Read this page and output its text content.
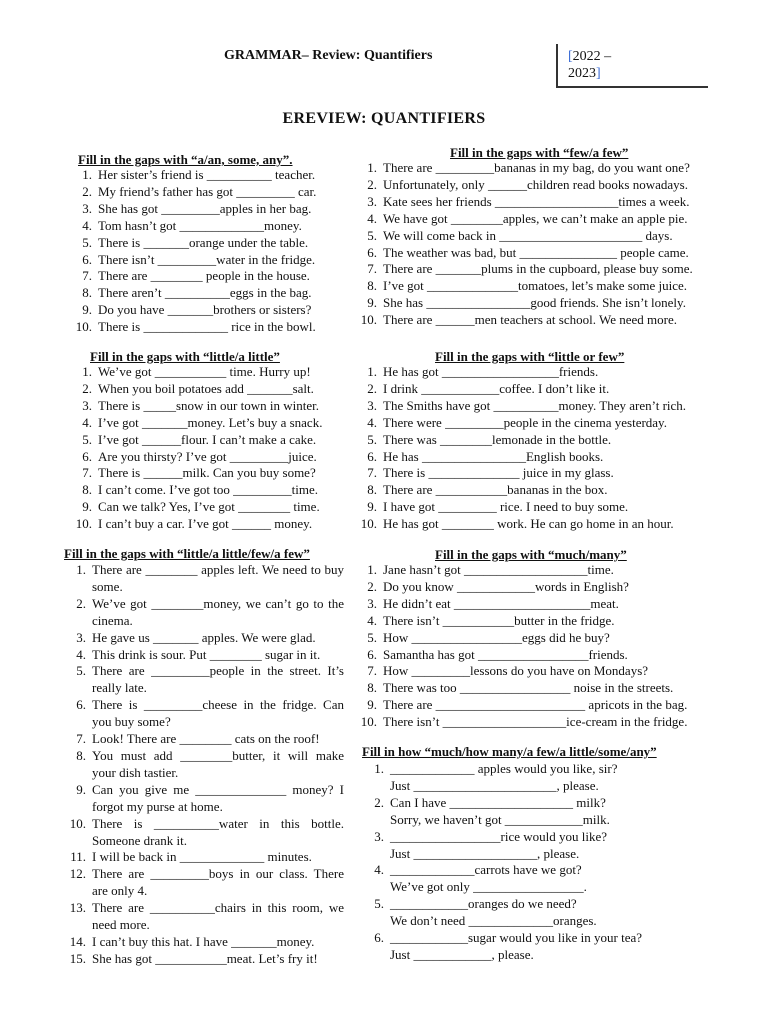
GRAMMAR– Review: Quantifiers	[2022 –
2023]
EREVIEW: QUANTIFIERS
Fill in the gaps with “a/an, some, any”.
1. Her sister’s friend is __________ teacher.
2. My friend’s father has got _________ car.
3. She has got _________apples in her bag.
4. Tom hasn’t got _____________money.
5. There is _______orange under the table.
6. There isn’t _________water in the fridge.
7. There are ________ people in the house.
8. There aren’t __________eggs in the bag.
9. Do you have _______brothers or sisters?
10. There is _____________ rice in the bowl.
Fill in the gaps with “few/a few”
1. There are _________bananas in my bag, do you want one?
2. Unfortunately, only ______children read books nowadays.
3. Kate sees her friends ___________________times a week.
4. We have got ________apples, we can’t make an apple pie.
5. We will come back in ______________________ days.
6. The weather was bad, but _______________ people came.
7. There are _______plums in the cupboard, please buy some.
8. I’ve got ______________tomatoes, let’s make some juice.
9. She has ________________good friends. She isn’t lonely.
10. There are ______men teachers at school. We need more.
Fill in the gaps with “little/a little”
1. We’ve got ___________ time. Hurry up!
2. When you boil potatoes add _______salt.
3. There is _____snow in our town in winter.
4. I’ve got _______money. Let’s buy a snack.
5. I’ve got ______flour. I can’t make a cake.
6. Are you thirsty? I’ve got _________juice.
7. There is ______milk. Can you buy some?
8. I can’t come. I’ve got too _________time.
9. Can we talk? Yes, I’ve got ________ time.
10. I can’t buy a car. I’ve got ______ money.
Fill in the gaps with “little or few”
1. He has got __________________friends.
2. I drink ____________coffee. I don’t like it.
3. The Smiths have got __________money. They aren’t rich.
4. There were _________people in the cinema yesterday.
5. There was ________lemonade in the bottle.
6. He has ________________English books.
7. There is ______________ juice in my glass.
8. There are ___________bananas in the box.
9. I have got _________ rice. I need to buy some.
10. He has got ________ work. He can go home in an hour.
Fill in the gaps with “little/a little/few/a few”
1. There are ________ apples left. We need to buy some.
2. We’ve got ________money, we can’t go to the cinema.
3. He gave us _______ apples. We were glad.
4. This drink is sour. Put ________ sugar in it.
5. There are _________people in the street. It’s really late.
6. There is _________cheese in the fridge. Can you buy some?
7. Look! There are ________ cats on the roof!
8. You must add ________butter, it will make your dish tastier.
9. Can you give me ______________ money? I forgot my purse at home.
10. There is __________water in this bottle. Someone drank it.
11. I will be back in _____________ minutes.
12. There are _________boys in our class. There are only 4.
13. There are __________chairs in this room, we need more.
14. I can’t buy this hat. I have _______money.
15. She has got ___________meat. Let’s fry it!
Fill in the gaps with “much/many”
1. Jane hasn’t got ___________________time.
2. Do you know ____________words in English?
3. He didn’t eat _____________________meat.
4. There isn’t ___________butter in the fridge.
5. How _________________eggs did he buy?
6. Samantha has got _________________friends.
7. How _________lessons do you have on Mondays?
8. There was too _________________ noise in the streets.
9. There are _______________________ apricots in the bag.
10. There isn’t ___________________ice-cream in the fridge.
Fill in how “much/how many/a few/a little/some/any”
1. _____________ apples would you like, sir?
Just ______________________, please.
2. Can I have ___________________ milk?
Sorry, we haven’t got ____________milk.
3. _________________rice would you like?
Just ___________________, please.
4. _____________carrots have we got?
We’ve got only _________________.
5. ____________oranges do we need?
We don’t need _____________oranges.
6. ____________sugar would you like in your tea?
Just ____________, please.
